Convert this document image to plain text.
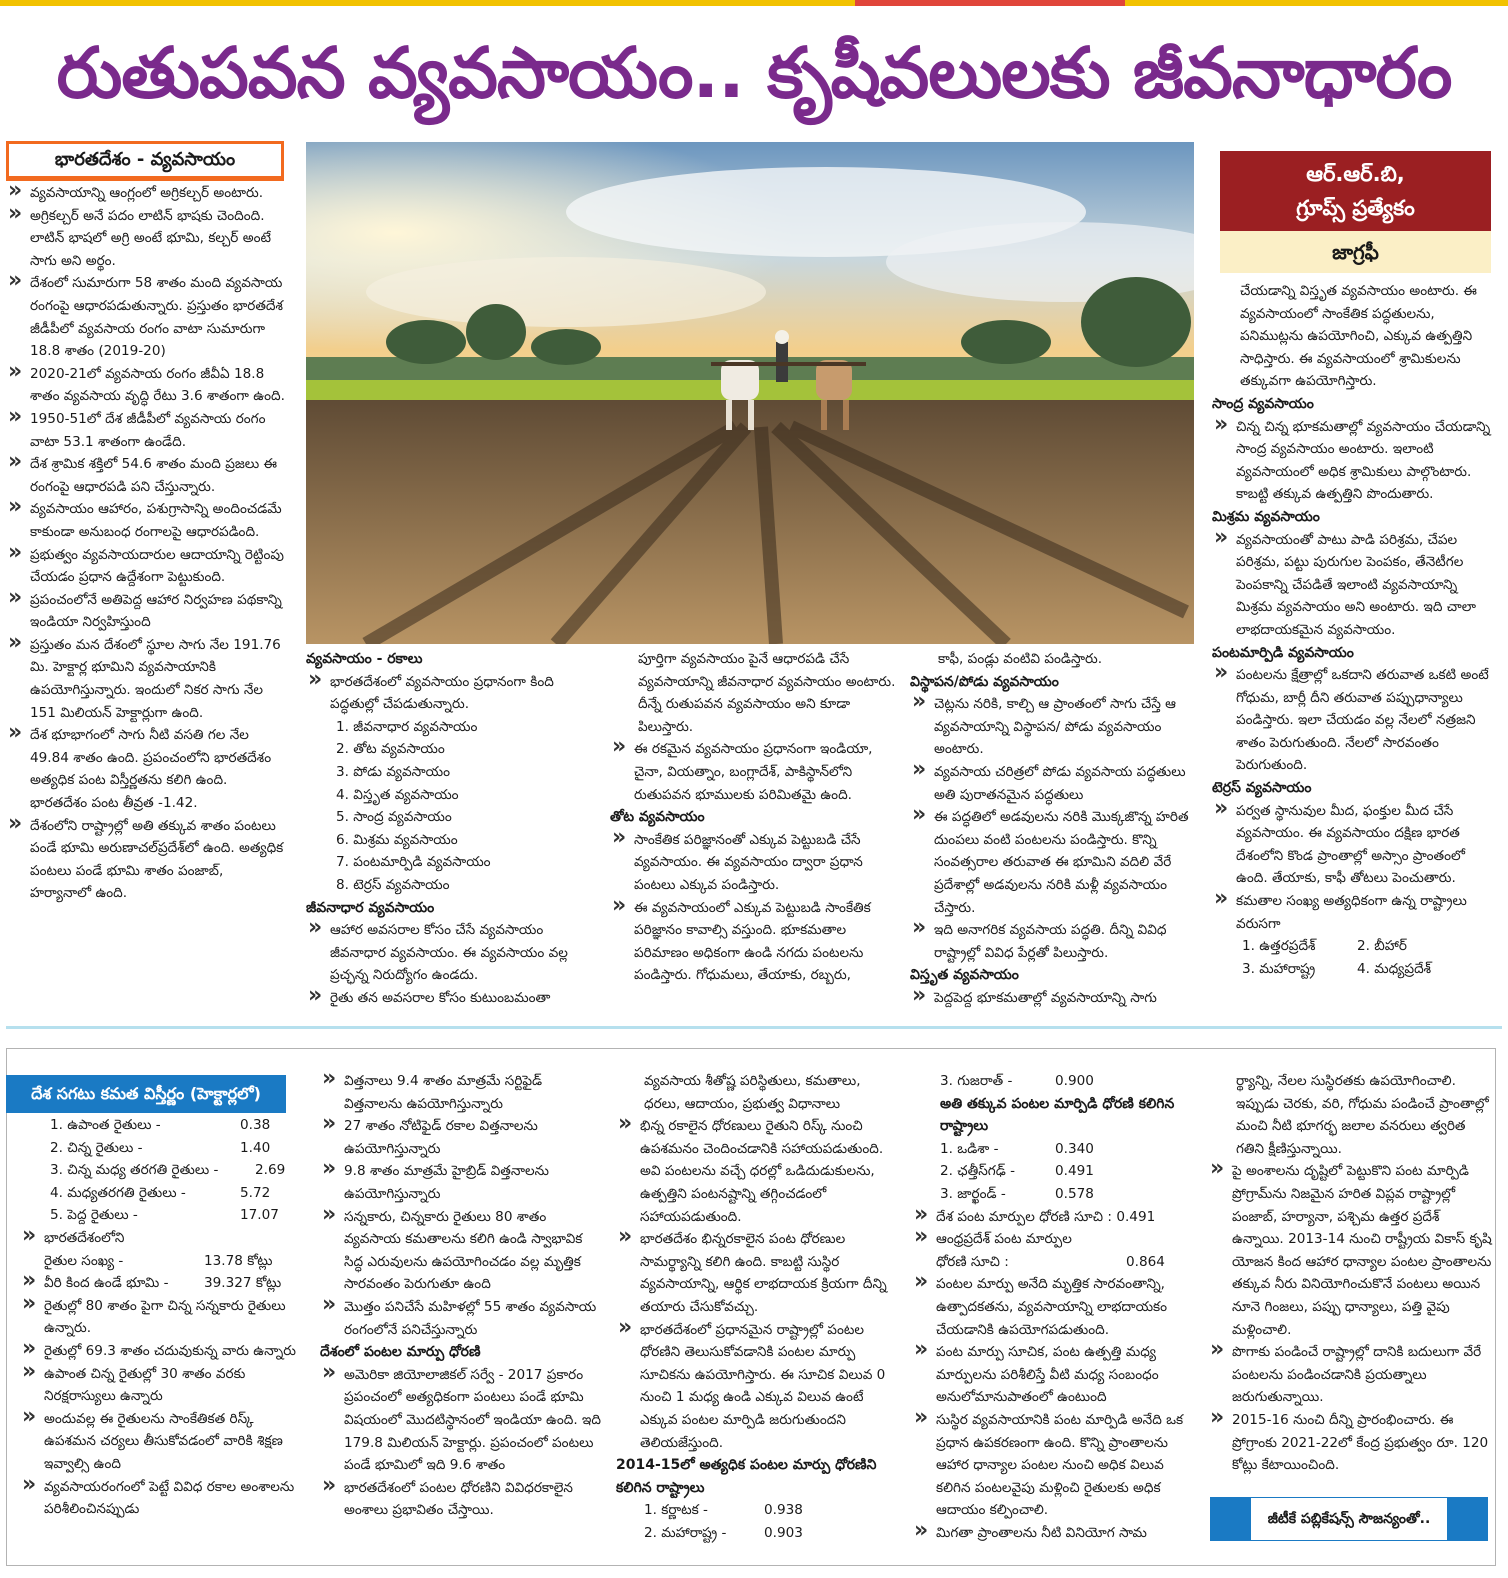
రుతుపవన వ్యవసాయం.. కృషీవలులకు జీవనాధారం
భారతదేశం - వ్యవసాయం

» వ్యవసాయాన్ని ఆంగ్లంలో అగ్రికల్చర్ అంటారు.

» అగ్రికల్చర్ అనే పదం లాటిన్ భాషకు చెందింది. లాటిన్ భాషలో అగ్రి అంటే భూమి, కల్చర్ అంటే సాగు అని అర్థం.

» దేశంలో సుమారుగా 58 శాతం మంది వ్యవసాయ రంగంపై ఆధారపడుతున్నారు. ప్రస్తుతం భారతదేశ జీడీపీలో వ్యవసాయ రంగం వాటా సుమారుగా 18.8 శాతం (2019-20)

» 2020-21లో వ్యవసాయ రంగం జీవీఏ 18.8 శాతం వ్యవసాయ వృద్ధి రేటు 3.6 శాతంగా ఉంది.

» 1950-51లో దేశ జీడీపీలో వ్యవసాయ రంగం వాటా 53.1 శాతంగా ఉండేది.

» దేశ శ్రామిక శక్తిలో 54.6 శాతం మంది ప్రజలు ఈ రంగంపై ఆధారపడి పని చేస్తున్నారు.

» వ్యవసాయం ఆహారం, పశుగ్రాసాన్ని అందించడమే కాకుండా అనుబంధ రంగాలపై ఆధారపడింది.

» ప్రభుత్వం వ్యవసాయదారుల ఆదాయాన్ని రెట్టింపు చేయడం ప్రధాన ఉద్దేశంగా పెట్టుకుంది.

» ప్రపంచంలోనే అతిపెద్ద ఆహార నిర్వహణ పథకాన్ని ఇండియా నిర్వహిస్తుంది

» ప్రస్తుతం మన దేశంలో స్థూల సాగు నేల 191.76 మి. హెక్టార్ల భూమిని వ్యవసాయానికి ఉపయోగిస్తున్నారు. ఇందులో నికర సాగు నేల 151 మిలియన్ హెక్టార్లుగా ఉంది.

» దేశ భూభాగంలో సాగు నీటి వసతి గల నేల 49.84 శాతం ఉంది. ప్రపంచంలోని భారతదేశం అత్యధిక పంట విస్తీర్ణతను కలిగి ఉంది. భారతదేశం పంట తీవ్రత -1.42.

» దేశంలోని రాష్ట్రాల్లో అతి తక్కువ శాతం పంటలు పండే భూమి అరుణాచల్‌ప్రదేశ్‌లో ఉంది. అత్యధిక పంటలు పండే భూమి శాతం పంజాబ్, హర్యానాలో ఉంది.

వ్యవసాయం - రకాలు

» భారతదేశంలో వ్యవసాయం ప్రధానంగా కింది పద్ధతుల్లో చేపడుతున్నారు.

1. జీవనాధార వ్యవసాయం

2. తోట వ్యవసాయం

3. పోడు వ్యవసాయం

4. విస్తృత వ్యవసాయం

5. సాంద్ర వ్యవసాయం

6. మిశ్రమ వ్యవసాయం

7. పంటమార్పిడి వ్యవసాయం

8. టెర్రస్ వ్యవసాయం

జీవనాధార వ్యవసాయం

» ఆహార అవసరాల కోసం చేసే వ్యవసాయం జీవనాధార వ్యవసాయం. ఈ వ్యవసాయం వల్ల ప్రచ్ఛన్న నిరుద్యోగం ఉండదు.

» రైతు తన అవసరాల కోసం కుటుంబమంతా

పూర్తిగా వ్యవసాయం పైనే ఆధారపడి చేసే వ్యవసాయాన్ని జీవనాధార వ్యవసాయం అంటారు. దీన్నే రుతుపవన వ్యవసాయం అని కూడా పిలుస్తారు.

» ఈ రకమైన వ్యవసాయం ప్రధానంగా ఇండియా, చైనా, వియత్నాం, బంగ్లాదేశ్, పాకిస్థాన్‌లోని రుతుపవన భూములకు పరిమితమై ఉంది.

తోట వ్యవసాయం

» సాంకేతిక పరిజ్ఞానంతో ఎక్కువ పెట్టుబడి చేసే వ్యవసాయం. ఈ వ్యవసాయం ద్వారా ప్రధాన పంటలు ఎక్కువ పండిస్తారు.

» ఈ వ్యవసాయంలో ఎక్కువ పెట్టుబడి సాంకేతిక పరిజ్ఞానం కావాల్సి వస్తుంది. భూకమతాల పరిమాణం అధికంగా ఉండి నగదు పంటలను పండిస్తారు. గోధుమలు, తేయాకు, రబ్బరు,

కాఫీ, పండ్లు వంటివి పండిస్తారు.

విస్థాపన/పోడు వ్యవసాయం

» చెట్లను నరికి, కాల్చి ఆ ప్రాంతంలో సాగు చేస్తే ఆ వ్యవసాయాన్ని విస్థాపన/ పోడు వ్యవసాయం అంటారు.

» వ్యవసాయ చరిత్రలో పోడు వ్యవసాయ పద్ధతులు అతి పురాతనమైన పద్ధతులు

» ఈ పద్ధతిలో అడవులను నరికి మొక్కజొన్న హరిత దుంపలు వంటి పంటలను పండిస్తారు. కొన్ని సంవత్సరాల తరువాత ఈ భూమిని వదిలి వేరే ప్రదేశాల్లో అడవులను నరికి మళ్లీ వ్యవసాయం చేస్తారు.

» ఇది అనాగరిక వ్యవసాయ పద్ధతి. దీన్ని వివిధ రాష్ట్రాల్లో వివిధ పేర్లతో పిలుస్తారు.

విస్తృత వ్యవసాయం

» పెద్దపెద్ద భూకమతాల్లో వ్యవసాయాన్ని సాగు

ఆర్.ఆర్.బి,
గ్రూప్స్ ప్రత్యేకం
జాగ్రఫీ

చేయడాన్ని విస్తృత వ్యవసాయం అంటారు. ఈ వ్యవసాయంలో సాంకేతిక పద్ధతులను, పనిముట్లను ఉపయోగించి, ఎక్కువ ఉత్పత్తిని సాధిస్తారు. ఈ వ్యవసాయంలో శ్రామికులను తక్కువగా ఉపయోగిస్తారు.

సాంద్ర వ్యవసాయం

» చిన్న చిన్న భూకమతాల్లో వ్యవసాయం చేయడాన్ని సాంద్ర వ్యవసాయం అంటారు. ఇలాంటి వ్యవసాయంలో అధిక శ్రామికులు పాల్గొంటారు. కాబట్టి తక్కువ ఉత్పత్తిని పొందుతారు.

మిశ్రమ వ్యవసాయం

» వ్యవసాయంతో పాటు పాడి పరిశ్రమ, చేపల పరిశ్రమ, పట్టు పురుగుల పెంపకం, తేనెటీగల పెంపకాన్ని చేపడితే ఇలాంటి వ్యవసాయాన్ని మిశ్రమ వ్యవసాయం అని అంటారు. ఇది చాలా లాభదాయకమైన వ్యవసాయం.

పంటమార్పిడి వ్యవసాయం

» పంటలను క్షేత్రాల్లో ఒకదాని తరువాత ఒకటి అంటే గోధుమ, బార్లీ దీని తరువాత పప్పుధాన్యాలు పండిస్తారు. ఇలా చేయడం వల్ల నేలలో నత్రజని శాతం పెరుగుతుంది. నేలలో సారవంతం పెరుగుతుంది.

టెర్రస్ వ్యవసాయం

» పర్వత స్థానువుల మీద, ఫంక్తుల మీద చేసే వ్యవసాయం. ఈ వ్యవసాయం దక్షిణ భారత దేశంలోని కొండ ప్రాంతాల్లో అస్సాం ప్రాంతంలో ఉంది. తేయాకు, కాఫీ తోటలు పెంచుతారు.

» కమతాల సంఖ్య అత్యధికంగా ఉన్న రాష్ట్రాలు వరుసగా

1. ఉత్తరప్రదేశ్	2. బీహార్
3. మహారాష్ట్ర	4. మధ్యప్రదేశ్
దేశ సగటు కమత విస్తీర్ణం (హెక్టార్లలో)
1. ఉపాంత రైతులు -	0.38
2. చిన్న రైతులు -	1.40
3. చిన్న మధ్య తరగతి రైతులు -	2.69
4. మధ్యతరగతి రైతులు -	5.72
5. పెద్ద రైతులు -	17.07

» భారతదేశంలోని

రైతుల సంఖ్య -	13.78 కోట్లు
» వీరి కింద ఉండే భూమి -	39.327 కోట్లు

» రైతుల్లో 80 శాతం పైగా చిన్న సన్నకారు రైతులు ఉన్నారు.

» రైతుల్లో 69.3 శాతం చదువుకున్న వారు ఉన్నారు

» ఉపాంత చిన్న రైతుల్లో 30 శాతం వరకు నిరక్షరాస్యులు ఉన్నారు

» అందువల్ల ఈ రైతులను సాంకేతికత రిస్క్ ఉపశమన చర్యలు తీసుకోవడంలో వారికి శిక్షణ ఇవ్వాల్సి ఉంది

» వ్యవసాయరంగంలో పెట్టే వివిధ రకాల అంశాలను పరిశీలించినప్పుడు

» విత్తనాలు 9.4 శాతం మాత్రమే సర్టిఫైడ్ విత్తనాలను ఉపయోగిస్తున్నారు

» 27 శాతం నోటిఫైడ్ రకాల విత్తనాలను ఉపయోగిస్తున్నారు

» 9.8 శాతం మాత్రమే హైబ్రిడ్ విత్తనాలను ఉపయోగిస్తున్నారు

» సన్నకారు, చిన్నకారు రైతులు 80 శాతం వ్యవసాయ కమతాలను కలిగి ఉండి స్వాభావిక సిద్ధ ఎరువులను ఉపయోగించడం వల్ల మృత్తిక సారవంతం పెరుగుతూ ఉంది

» మొత్తం పనిచేసే మహిళల్లో 55 శాతం వ్యవసాయ రంగంలోనే పనిచేస్తున్నారు

దేశంలో పంటల మార్పు ధోరణి

» అమెరికా జియోలాజికల్ సర్వే - 2017 ప్రకారం ప్రపంచంలో అత్యధికంగా పంటలు పండే భూమి విషయంలో మొదటిస్థానంలో ఇండియా ఉంది. ఇది 179.8 మిలియన్ హెక్టార్లు. ప్రపంచంలో పంటలు పండే భూమిలో ఇది 9.6 శాతం

» భారతదేశంలో పంటల ధోరణిని వివిధరకాలైన అంశాలు ప్రభావితం చేస్తాయి.

వ్యవసాయ శీతోష్ణ పరిస్థితులు, కమతాలు, ధరలు, ఆదాయం, ప్రభుత్వ విధానాలు

» భిన్న రకాలైన ధోరణులు రైతుని రిస్క్ నుంచి ఉపశమనం చెందించడానికి సహాయపడుతుంది. అవి పంటలను వచ్చే ధరల్లో ఒడిదుడుకులను, ఉత్పత్తిని పంటనష్టాన్ని తగ్గించడంలో సహాయపడుతుంది.

» భారతదేశం భిన్నరకాలైన పంట ధోరణుల సామర్థ్యాన్ని కలిగి ఉంది. కాబట్టి సుస్థిర వ్యవసాయాన్ని, ఆర్థిక లాభదాయక క్రియగా దీన్ని తయారు చేసుకోవచ్చు.

» భారతదేశంలో ప్రధానమైన రాష్ట్రాల్లో పంటల ధోరణిని తెలుసుకోవడానికి పంటల మార్పు సూచికను ఉపయోగిస్తారు. ఈ సూచిక విలువ 0 నుంచి 1 మధ్య ఉండి ఎక్కువ విలువ ఉంటే ఎక్కువ పంటల మార్పిడి జరుగుతుందని తెలియజేస్తుంది.

2014-15లో అత్యధిక పంటల మార్పు ధోరణిని కలిగిన రాష్ట్రాలు

1. కర్ణాటక -	0.938
2. మహారాష్ట్ర -	0.903
3. గుజరాత్ -	0.900

అతి తక్కువ పంటల మార్పిడి ధోరణి కలిగిన రాష్ట్రాలు

1. ఒడిశా -	0.340
2. ఛత్తీస్‌గఢ్ -	0.491
3. జార్ఖండ్ -	0.578

» దేశ పంట మార్పుల ధోరణి సూచి : 0.491

» ఆంధ్రప్రదేశ్ పంట మార్పుల

ధోరణి సూచి :	0.864

» పంటల మార్పు అనేది మృత్తిక సారవంతాన్ని, ఉత్పాదకతను, వ్యవసాయాన్ని లాభదాయకం చేయడానికి ఉపయోగపడుతుంది.

» పంట మార్పు సూచిక, పంట ఉత్పత్తి మధ్య మార్పులను పరిశీలిస్తే వీటి మధ్య సంబంధం అనులోమానుపాతంలో ఉంటుంది

» సుస్థిర వ్యవసాయానికి పంట మార్పిడి అనేది ఒక ప్రధాన ఉపకరణంగా ఉంది. కొన్ని ప్రాంతాలను ఆహార ధాన్యాల పంటల నుంచి అధిక విలువ కలిగిన పంటలవైపు మళ్లించి రైతులకు అధిక ఆదాయం కల్పించాలి.

» మిగతా ప్రాంతాలను నీటి వినియోగ సామ

ర్థ్యాన్ని, నేలల సుస్థిరతకు ఉపయోగించాలి. ఇప్పుడు చెరకు, వరి, గోధుమ పండించే ప్రాంతాల్లో మంచి నీటి భూగర్భ జలాల వనరులు త్వరిత గతిని క్షీణిస్తున్నాయి.

» పై అంశాలను దృష్టిలో పెట్టుకొని పంట మార్పిడి ప్రోగ్రామ్‌ను నిజమైన హరిత విప్లవ రాష్ట్రాల్లో పంజాబ్, హర్యానా, పశ్చిమ ఉత్తర ప్రదేశ్ ఉన్నాయి. 2013-14 నుంచి రాష్ట్రీయ వికాస్ కృషి యోజన కింద ఆహార ధాన్యాల పంటల ప్రాంతాలను తక్కువ నీరు వినియోగించుకొనే పంటలు అయిన నూనె గింజలు, పప్పు ధాన్యాలు, పత్తి వైపు మళ్లించాలి.

» పొగాకు పండించే రాష్ట్రాల్లో దానికి బదులుగా వేరే పంటలను పండించడానికి ప్రయత్నాలు జరుగుతున్నాయి.

» 2015-16 నుంచి దీన్ని ప్రారంభించారు. ఈ ప్రోగ్రాంకు 2021-22లో కేంద్ర ప్రభుత్వం రూ. 120 కోట్లు కేటాయించింది.

జీటీకే పబ్లికేషన్స్ సౌజన్యంతో..
